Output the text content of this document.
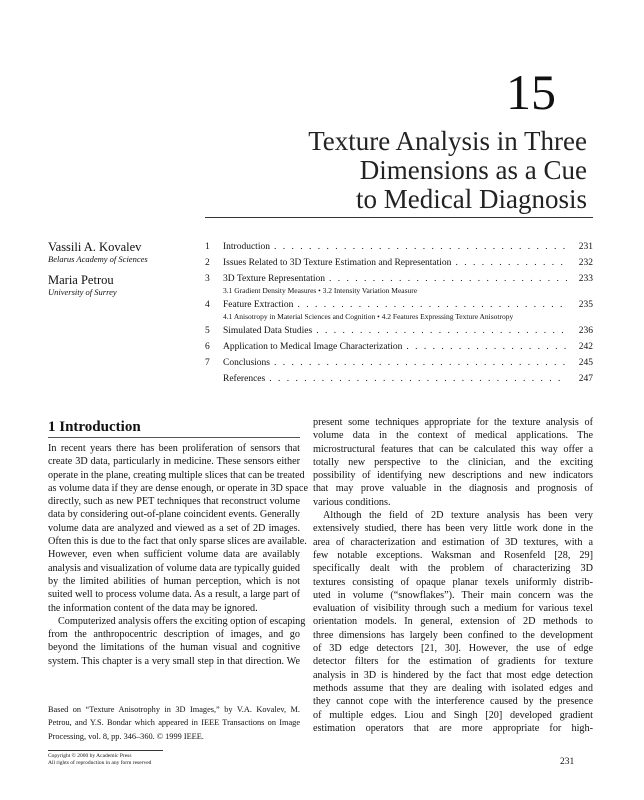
15
Texture Analysis in Three
Dimensions as a Cue
to Medical Diagnosis
Vassili A. Kovalev
Belarus Academy of Sciences
Maria Petrou
University of Surrey
1	Introduction . . .	231
2	Issues Related to 3D Texture Estimation and Representation . . .	232
3	3D Texture Representation . . .	233
3.1 Gradient Density Measures • 3.2 Intensity Variation Measure
4	Feature Extraction . . .	235
4.1 Anisotropy in Material Sciences and Cognition • 4.2 Features Expressing Texture Anisotropy
5	Simulated Data Studies . . .	236
6	Application to Medical Image Characterization . . .	242
7	Conclusions . . .	245
References . . .	247
1 Introduction
In recent years there has been proliferation of sensors that
create 3D data, particularly in medicine. These sensors either
operate in the plane, creating multiple slices that can be treated
as volume data if they are dense enough, or operate in 3D space
directly, such as new PET techniques that reconstruct volume
data by considering out-of-plane coincident events. Generally
volume data are analyzed and viewed as a set of 2D images.
Often this is due to the fact that only sparse slices are available.
However, even when sufficient volume data are availably
analysis and visualization of volume data are typically guided
by the limited abilities of human perception, which is not
suited well to process volume data. As a result, a large part of
the information content of the data may be ignored.
Computerized analysis offers the exciting option of escaping
from the anthropocentric description of images, and go
beyond the limitations of the human visual and cognitive
system. This chapter is a very small step in that direction. We
present some techniques appropriate for the texture analysis of
volume data in the context of medical applications. The
microstructural features that can be calculated this way offer a
totally new perspective to the clinician, and the exciting
possibility of identifying new descriptions and new indicators
that may prove valuable in the diagnosis and prognosis of
various conditions.
Although the field of 2D texture analysis has been very
extensively studied, there has been very little work done in the
area of characterization and estimation of 3D textures, with a
few notable exceptions. Waksman and Rosenfeld [28, 29]
specifically dealt with the problem of characterizing 3D
textures consisting of opaque planar texels uniformly distrib-
uted in volume (“snowflakes”). Their main concern was the
evaluation of visibility through such a medium for various texel
orientation models. In general, extension of 2D methods to
three dimensions has largely been confined to the development
of 3D edge detectors [21, 30]. However, the use of edge
detector filters for the estimation of gradients for texture
analysis in 3D is hindered by the fact that most edge detection
methods assume that they are dealing with isolated edges and
they cannot cope with the interference caused by the presence
of multiple edges. Liou and Singh [20] developed gradient
estimation operators that are more appropriate for high-
Based on “Texture Anisotrophy in 3D Images,” by V.A. Kovalev, M.
Petrou, and Y.S. Bondar which appeared in IEEE Transactions on Image
Processing, vol. 8, pp. 346–360. © 1999 IEEE.
Copyright © 2000 by Academic Press
All rights of reproduction in any form reserved	231
